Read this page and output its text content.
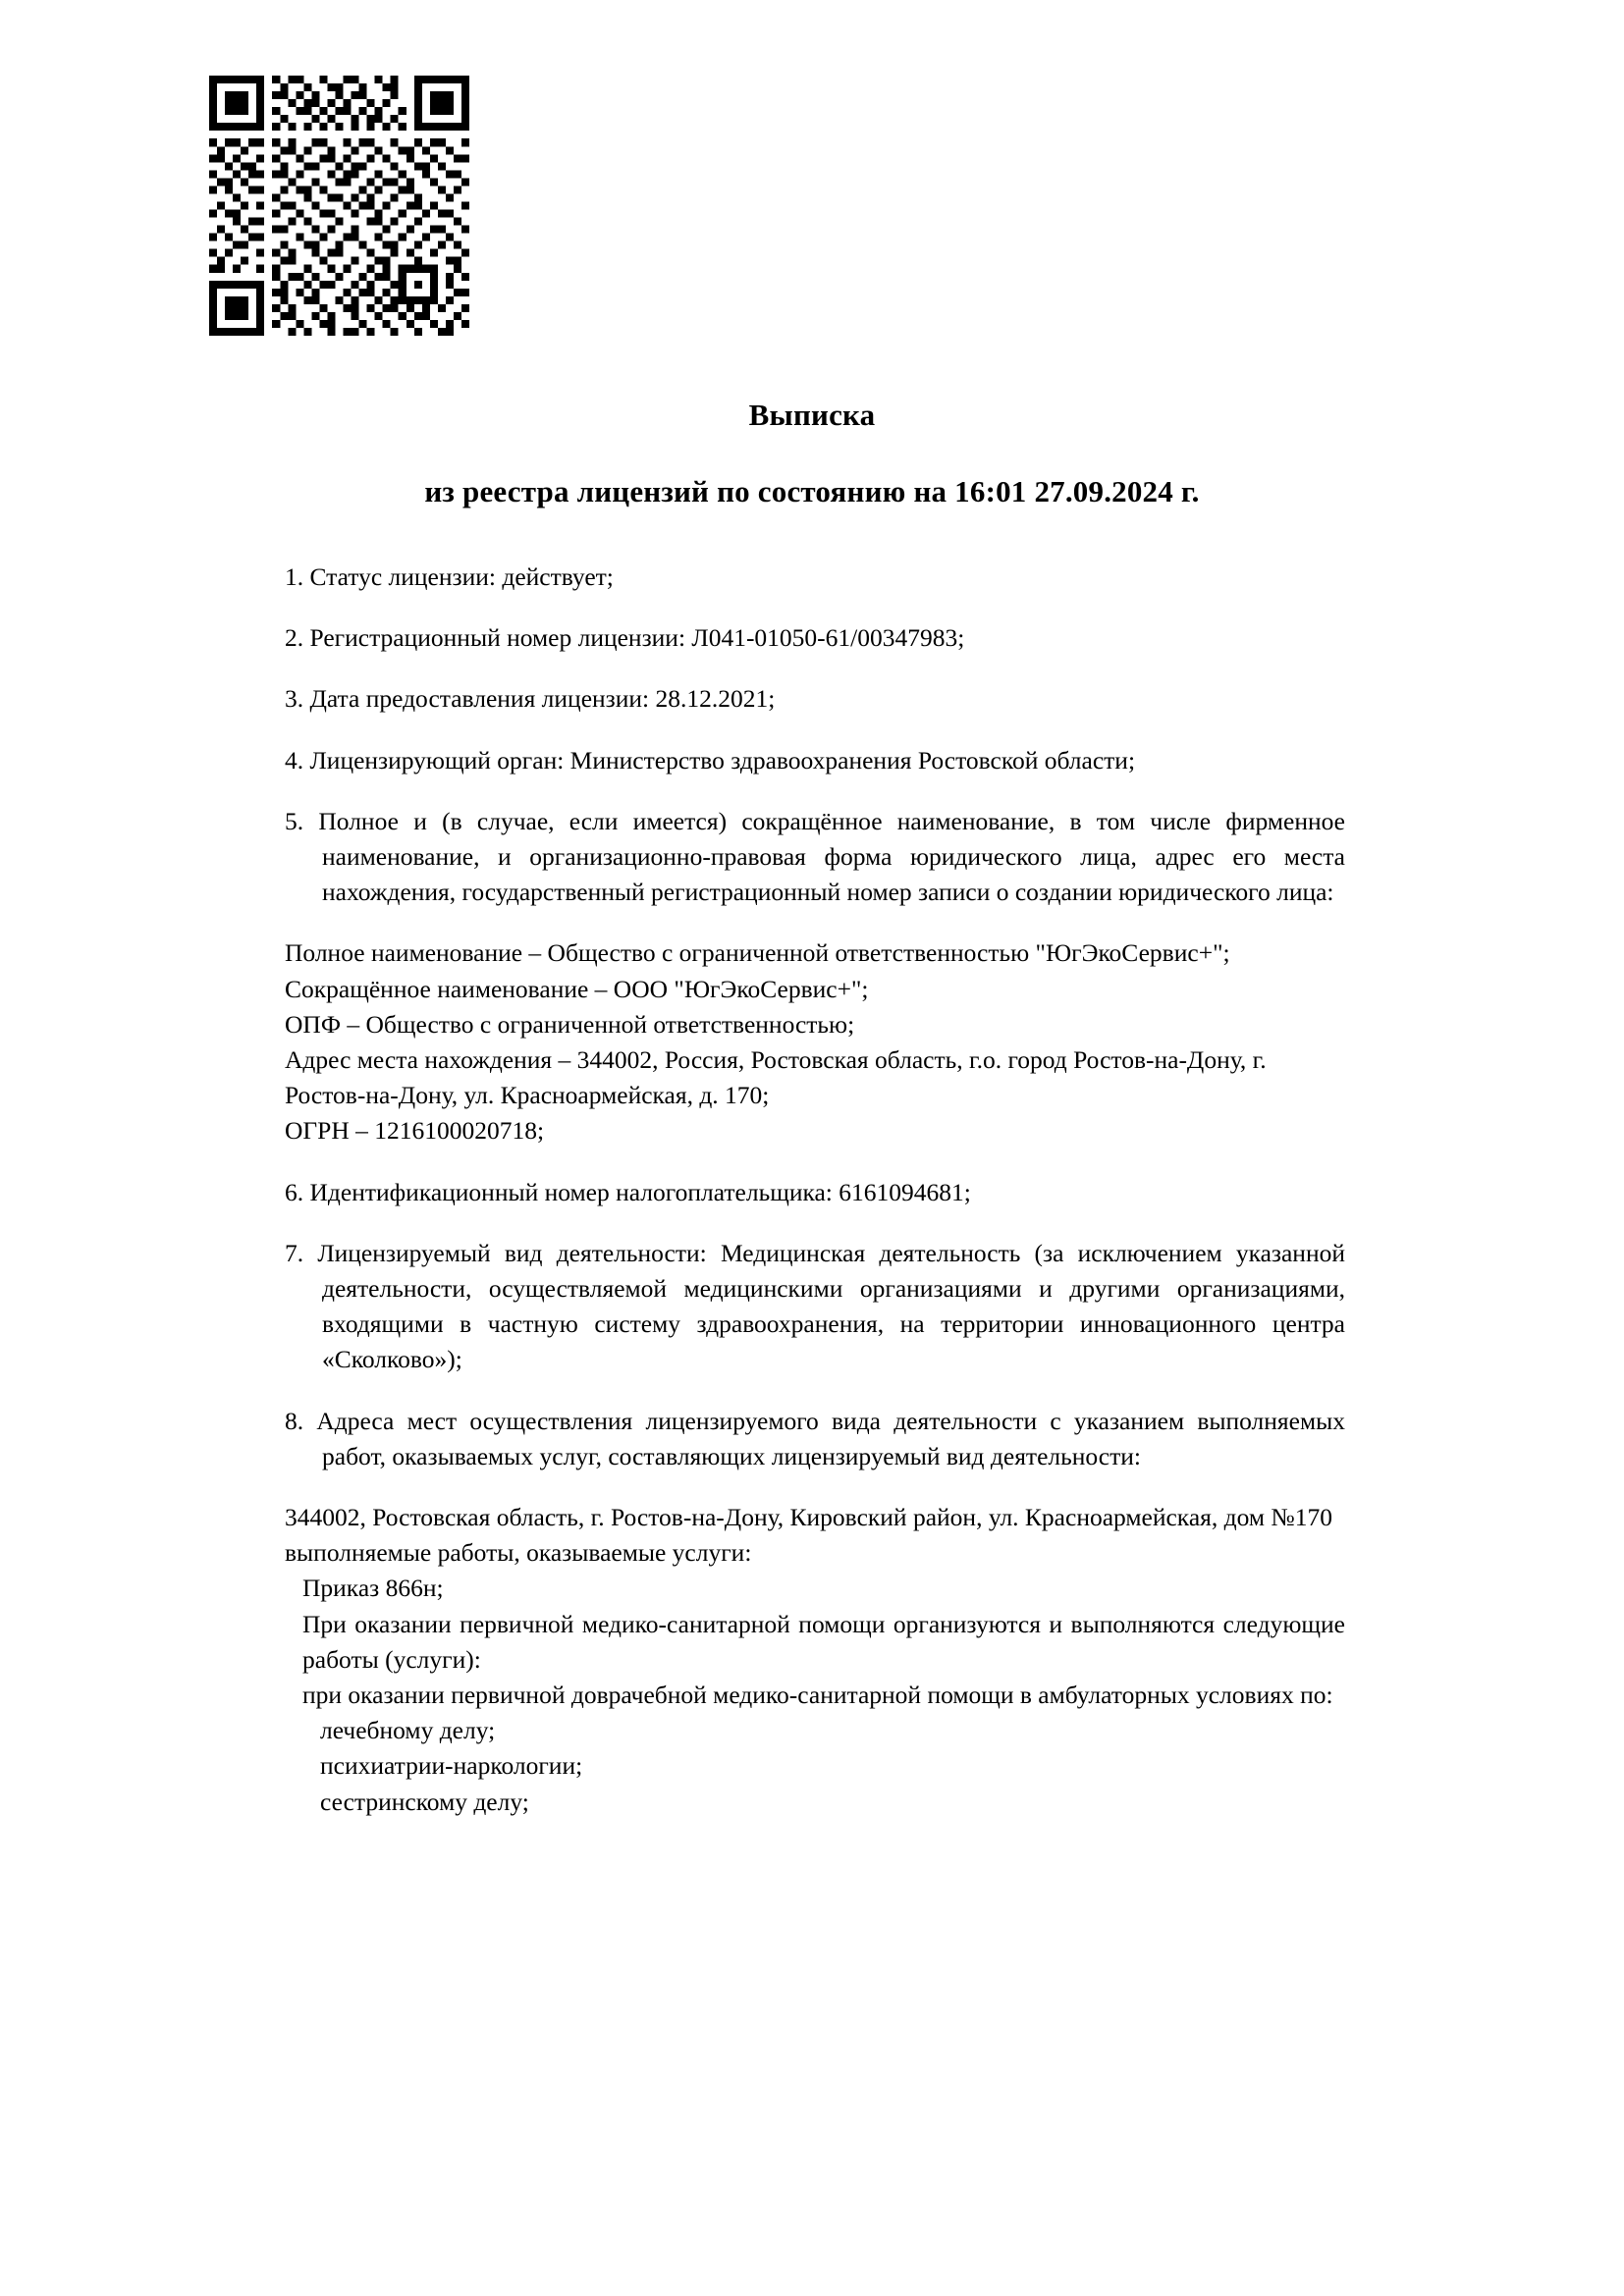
Выписка
из реестра лицензий по состоянию на 16:01 27.09.2024 г.

1. Статус лицензии: действует;

2. Регистрационный номер лицензии: Л041-01050-61/00347983;

3. Дата предоставления лицензии: 28.12.2021;

4. Лицензирующий орган: Министерство здравоохранения Ростовской области;

5. Полное и (в случае, если имеется) сокращённое наименование, в том числе фирменное наименование, и организационно-правовая форма юридического лица, адрес его места нахождения, государственный регистрационный номер записи о создании юридического лица:

Полное наименование – Общество с ограниченной ответственностью "ЮгЭкоСервис+";
Сокращённое наименование – ООО "ЮгЭкоСервис+";
ОПФ – Общество с ограниченной ответственностью;
Адрес места нахождения – 344002, Россия, Ростовская область, г.о. город Ростов-на-Дону, г. Ростов-на-Дону, ул. Красноармейская, д. 170;
ОГРН – 1216100020718;

6. Идентификационный номер налогоплательщика: 6161094681;

7. Лицензируемый вид деятельности: Медицинская деятельность (за исключением указанной деятельности, осуществляемой медицинскими организациями и другими организациями, входящими в частную систему здравоохранения, на территории инновационного центра «Сколково»);

8. Адреса мест осуществления лицензируемого вида деятельности с указанием выполняемых работ, оказываемых услуг, составляющих лицензируемый вид деятельности:

344002, Ростовская область, г. Ростов-на-Дону, Кировский район, ул. Красноармейская, дом №170
выполняемые работы, оказываемые услуги:
Приказ 866н;
При оказании первичной медико-санитарной помощи организуются и выполняются следующие работы (услуги):
при оказании первичной доврачебной медико-санитарной помощи в амбулаторных условиях по:
лечебному делу;
психиатрии-наркологии;
сестринскому делу;
